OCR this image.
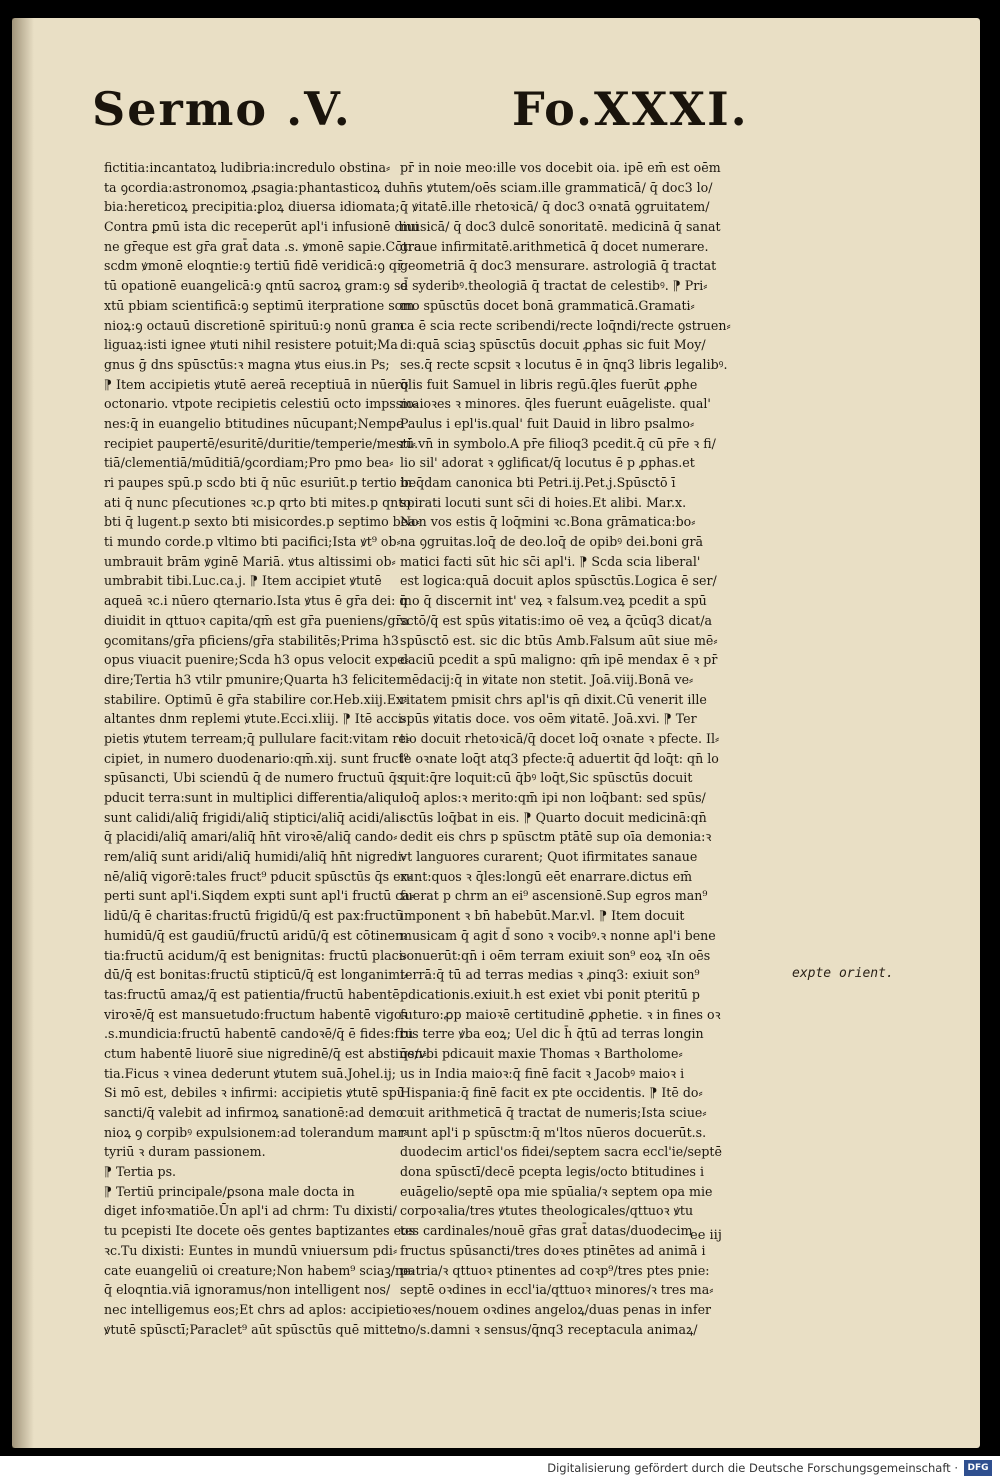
Sermo .V.	Fo.XXXI.
fictitia:incantatoꝝ ludibria:incredulo obstina⸗
ta ꝯcordia:astronomoꝝ ꝓsagia:phantasticoꝝ du
bia:hereticoꝝ precipitia:ꝑloꝝ diuersa idiomata;
Contra ꝑmū ista dic receperūt apl'i infusionē diui
ne gr̄eque est gr̄a grat̄ data .s. ꝟmonē sapie.Cōtra
scdm ꝟmonē eloqntie:ꝯ tertiū fidē veridicā:ꝯ qr̄
tū opationē euangelicā:ꝯ qntū sacroꝝ gram:ꝯ se
xtū pbiam scientificā:ꝯ septimū iterpratione som
nioꝝ:ꝯ octauū discretionē spirituū:ꝯ nonū gram
liguaꝝ:isti ignee ꝟtuti nihil resistere potuit;Ma
gnus ḡ dns spūsctūs:ꝛ magna ꝟtus eius.in Ps;
⁋ Item accipietis ꝟtutē aereā receptiuā in nūero
octonario. vtpote recipietis celestiū octo impssio⸗
nes:q̄ in euangelio btitudines nūcupant;Nempe
recipiet paupertē/esuritē/duritie/temperie/mesti⸗
tiā/clementiā/mūditiā/ꝯcordiam;Pro pmo bea⸗
ri paupes spū.p scdo bti q̄ nūc esuriūt.p tertio be
ati q̄ nunc pſecutiones ꝛc.p qrto bti mites.p qnto
bti q̄ lugent.p sexto bti misicordes.p septimo bea⸗
ti mundo corde.p vltimo bti pacifici;Ista ꝟt⁹ ob⸗
umbrauit brām ꝟginē Mariā. ꝟtus altissimi ob⸗
umbrabit tibi.Luc.ca.j. ⁋ Item accipiet ꝟtutē
aqueā ꝛc.i nūero qternario.Ista ꝟtus ē gr̄a dei: q̄
diuidit in qttuoꝛ capita/qm̄ est gr̄a pueniens/gr̄a
ꝯcomitans/gr̄a pficiens/gr̄a stabilitēs;Prima h3
opus viuacit puenire;Scda h3 opus velocit expe⸗
dire;Tertia h3 vtilr pmunire;Quarta h3 feliciter
stabilire. Optimū ē gr̄a stabilire cor.Heb.xiij.Ex⸗
altantes dnm replemi ꝟtute.Ecci.xliij. ⁋ Itē acci⸗
pietis ꝟtutem terream;q̄ pullulare facit:vitam re⸗
cipiet, in numero duodenario:qm̄.xij. sunt fruct⁹
spūsancti, Ubi sciendū q̄ de numero fructuū q̄s
pducit terra:sunt in multiplici differentia/aliqui
sunt calidi/aliq̄ frigidi/aliq̄ stiptici/aliq̄ acidi/ali⸗
q̄ placidi/aliq̄ amari/aliq̄ hn̄t viroꝛē/aliq̄ cando⸗
rem/aliq̄ sunt aridi/aliq̄ humidi/aliq̄ hn̄t nigredi⸗
nē/aliq̄ vigorē:tales fruct⁹ pducit spūsctūs q̄s ex⸗
perti sunt apl'i.Siqdem expti sunt apl'i fructū ca⸗
lidū/q̄ ē charitas:fructū frigidū/q̄ est pax:fructū
humidū/q̄ est gaudiū/fructū aridū/q̄ est cōtinen⸗
tia:fructū acidum/q̄ est benignitas: fructū placi⸗
dū/q̄ est bonitas:fructū stipticū/q̄ est longanimi⸗
tas:fructū amaꝝ/q̄ est patientia/fructū habentē
viroꝛē/q̄ est mansuetudo:fructum habentē vigoꝛ
.s.mundicia:fructū habentē candoꝛē/q̄ ē fides:fru
ctum habentē liuorē siue nigredinē/q̄ est abstinen⸗
tia.Ficus ꝛ vinea dederunt ꝟtutem suā.Johel.ij;
Si mō est, debiles ꝛ infirmi: accipietis ꝟtutē spū
sancti/q̄ valebit ad infirmoꝝ sanationē:ad demo
nioꝝ ꝯ corpibꝰ expulsionem:ad tolerandum mar⸗
tyriū ꝛ duram passionem.
⁋ Tertia ps.
⁋ Tertiū principale/ꝑsona male docta in
diget infoꝛmatiōe.Ūn apl'i ad chrm: Tu dixisti/
tu pcepisti Ite docete oēs gentes baptizantes eos
ꝛc.Tu dixisti: Euntes in mundū vniuersum pdi⸗
cate euangeliū oi creature;Non habem⁹ sciaꝫ/ne⸗
q̄ eloqntia.viā ignoramus/non intelligent nos/
nec intelligemus eos;Et chrs ad aplos: accipiet
ꝟtutē spūsctī;Paraclet⁹ aūt spūsctūs quē mittet
pr̄ in noie meo:ille vos docebit oia. ipē em̄ est oēm
hn̄s ꝟtutem/oēs sciam.ille grammaticā/ q̄ doc3 lo/
q̄ ꝟitatē.ille rhetoꝛicā/ q̄ doc3 oꝛnatā ꝯgruitatem/
musicā/ q̄ doc3 dulcē sonoritatē. medicinā q̄ sanat
graue infirmitatē.arithmeticā q̄ docet numerare.
geometriā q̄ doc3 mensurare. astrologiā q̄ tractat
d̄ syderibꝰ.theologiā q̄ tractat de celestibꝰ. ⁋ Pri⸗
mo spūsctūs docet bonā grammaticā.Gramati⸗
ca ē scia recte scribendi/recte loq̄ndi/recte ꝯstruen⸗
di:quā sciaꝫ spūsctūs docuit ꝓphas sic fuit Moy/
ses.q̄ recte scpsit ꝛ locutus ē in q̄nq3 libris legalibꝰ.
q̄lis fuit Samuel in libris regū.q̄les fuerūt ꝓphe
maioꝛes ꝛ minores. q̄les fuerunt euāgeliste. qual'
Paulus i epl'is.qual' fuit Dauid in libro psalmo⸗
rū.vn̄ in symbolo.A pr̄e filioq3 pcedit.q̄ cū pr̄e ꝛ fi/
lio sil' adorat ꝛ ꝯglificat/q̄ locutus ē p ꝓphas.et
in q̄dam canonica bti Petri.ij.Pet.j.Spūsctō ī
spirati locuti sunt sc̄i di hoies.Et alibi. Mar.x.
Non vos estis q̄ loq̄mini ꝛc.Bona grāmatica:bo⸗
na ꝯgruitas.loq̄ de deo.loq̄ de opibꝰ dei.boni grā
matici facti sūt hic sc̄i apl'i. ⁋ Scda scia liberal'
est logica:quā docuit aplos spūsctūs.Logica ē ser/
mo q̄ discernit int' veꝝ ꝛ falsum.veꝝ pcedit a spū
sctō/q̄ est spūs ꝟitatis:imo oē veꝝ a q̄cūq3 dicat/a
spūsctō est. sic dic btūs Amb.Falsum aūt siue mē⸗
daciū pcedit a spū maligno: qm̄ ipē mendax ē ꝛ pr̄
mēdacij:q̄ in ꝟitate non stetit. Joā.viij.Bonā ve⸗
ritatem pmisit chrs apl'is qn̄ dixit.Cū venerit ille
spūs ꝟitatis doce. vos oēm ꝟitatē. Joā.xvi. ⁋ Ter
tio docuit rhetoꝛicā/q̄ docet loq̄ oꝛnate ꝛ pfecte. Il⸗
le oꝛnate loq̄t atq3 pfecte:q̄ aduertit q̄d loq̄t: qn̄ lo
quit:q̄re loquit:cū q̄bꝰ loq̄t,Sic spūsctūs docuit
loq̄ aplos:ꝛ merito:qm̄ ipi non loq̄bant: sed spūs/
sctūs loq̄bat in eis. ⁋ Quarto docuit medicinā:qn̄
dedit eis chrs p spūsctm ptātē sup oīa demonia:ꝛ
vt languores curarent; Quot ifirmitates sanaue
runt:quos ꝛ q̄les:longū eēt enarrare.dictus em̄
fuerat p chrm an ei⁹ ascensionē.Sup egros man⁹
imponent ꝛ bn̄ habebūt.Mar.vl. ⁋ Item docuit
musicam q̄ agit d̄ sono ꝛ vocibꝰ.ꝛ nonne apl'i bene
sonuerūt:qn̄ i oēm terram exiuit son⁹ eoꝝ ꝛIn oēs
terrā:q̄ tū ad terras medias ꝛ ꝓinq3: exiuit son⁹
pdicationis.exiuit.h est exiet vbi ponit pteritū p
futuro:ꝓp maioꝛē certitudinē ꝓphetie. ꝛ in fines oꝛ
bis terre ꝟba eoꝝ; Uel dic h̄ q̄tū ad terras longin
q̄s/vbi pdicauit maxie Thomas ꝛ Bartholome⸗
us in India maioꝛ:q̄ finē facit ꝛ Jacobꝰ maioꝛ i
Hispania:q̄ finē facit ex pte occidentis. ⁋ Itē do⸗
cuit arithmeticā q̄ tractat de numeris;Ista sciue⸗
runt apl'i p spūsctm:q̄ m'ltos nūeros docuerūt.s.
duodecim articl'os fidei/septem sacra eccl'ie/septē
dona spūsctī/decē pcepta legis/octo btitudines i
euāgelio/septē opa mie spūalia/ꝛ septem opa mie
corpoꝛalia/tres ꝟtutes theologicales/qttuoꝛ ꝟtu
tes cardinales/nouē gr̄as grat̄ datas/duodecim
fructus spūsancti/tres doꝛes ptinētes ad animā i
patria/ꝛ qttuoꝛ ptinentes ad coꝛp⁹/tres ptes pnie:
septē oꝛdines in eccl'ia/qttuoꝛ minores/ꝛ tres ma⸗
ioꝛes/nouem oꝛdines angeloꝝ/duas penas in infer
no/s.damni ꝛ sensus/q̄nq3 receptacula animaꝝ/
ee iij
expte orient.
Digitalisierung gefördert durch die Deutsche Forschungsgemeinschaft ·	DFG
